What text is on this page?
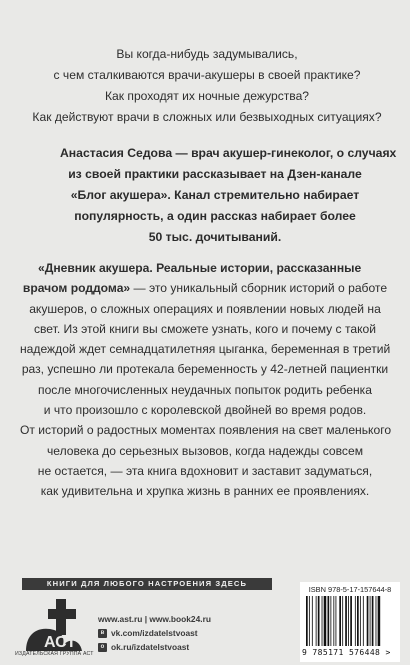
Вы когда-нибудь задумывались,
с чем сталкиваются врачи-акушеры в своей практике?
Как проходят их ночные дежурства?
Как действуют врачи в сложных или безвыходных ситуациях?
Анастасия Седова — врач акушер-гинеколог, о случаях
из своей практики рассказывает на Дзен-канале
«Блог акушера». Канал стремительно набирает
популярность, а один рассказ набирает более
50 тыс. дочитываний.
«Дневник акушера. Реальные истории, рассказанные
врачом роддома» — это уникальный сборник историй о работе
акушеров, о сложных операциях и появлении новых людей на
свет. Из этой книги вы сможете узнать, кого и почему с такой
надеждой ждет семнадцатилетняя цыганка, беременная в третий
раз, успешно ли протекала беременность у 42-летней пациентки
после многочисленных неудачных попыток родить ребенка
и что произошло с королевской двойней во время родов.
От историй о радостных моментах появления на свет маленького
человека до серьезных вызовов, когда надежды совсем
не остается, — эта книга вдохновит и заставит задуматься,
как удивительна и хрупка жизнь в ранних ее проявлениях.
КНИГИ ДЛЯ ЛЮБОГО НАСТРОЕНИЯ ЗДЕСЬ
АСТ
ИЗДАТЕЛЬСКАЯ ГРУППА АСТ
www.ast.ru | www.book24.ru
в vk.com/izdatelstvoast
о ok.ru/izdatelstvoast
ISBN 978-5-17-157644-8
9 785171 576448 >
